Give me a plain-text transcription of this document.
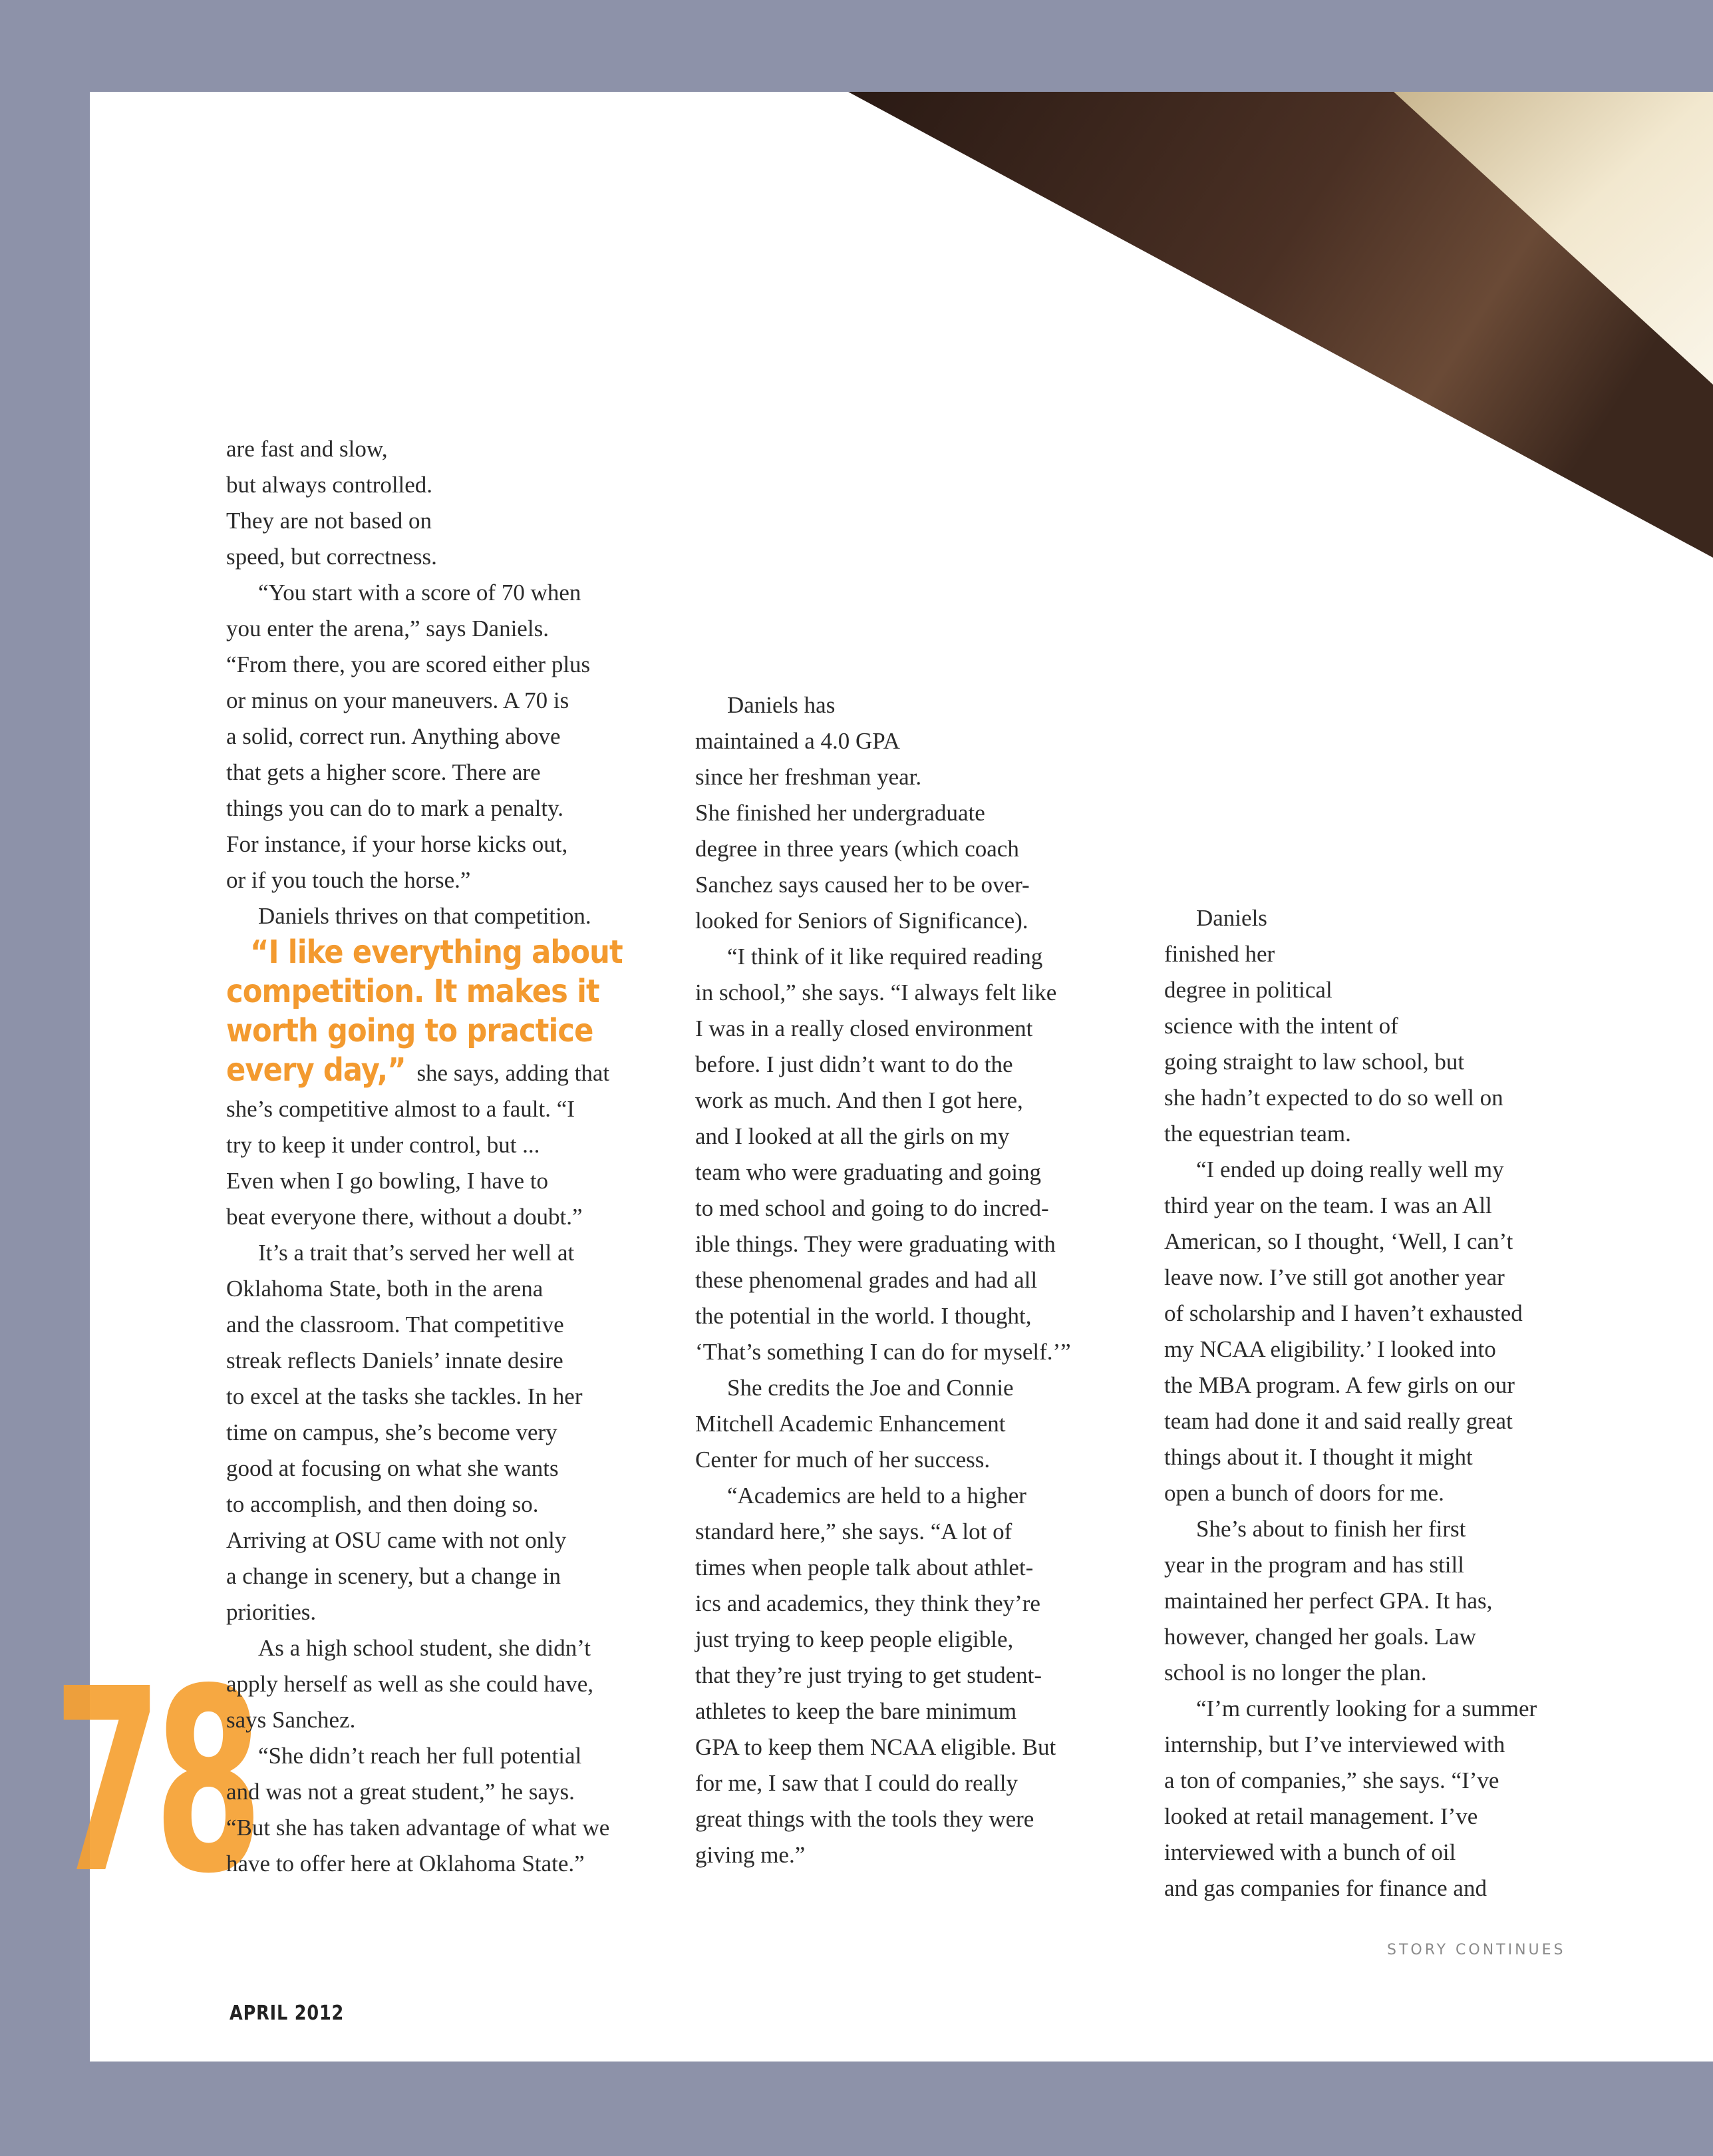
78

are fast and slow,
but always controlled.
They are not based on
speed, but correctness.

“You start with a score of 70 when
you enter the arena,” says Daniels.
“From there, you are scored either plus
or minus on your maneuvers. A 70 is
a solid, correct run. Anything above
that gets a higher score. There are
things you can do to mark a penalty.
For instance, if your horse kicks out,
or if you touch the horse.”

Daniels thrives on that competition.

“I like everything about
competition. It makes it
worth going to practice
every day,” she says, adding that
she’s competitive almost to a fault. “I
try to keep it under control, but ...
Even when I go bowling, I have to
beat everyone there, without a doubt.”

It’s a trait that’s served her well at
Oklahoma State, both in the arena
and the classroom. That competitive
streak reflects Daniels’ innate desire
to excel at the tasks she tackles. In her
time on campus, she’s become very
good at focusing on what she wants
to accomplish, and then doing so.
Arriving at OSU came with not only
a change in scenery, but a change in
priorities.

As a high school student, she didn’t
apply herself as well as she could have,
says Sanchez.

“She didn’t reach her full potential
and was not a great student,” he says.
“But she has taken advantage of what we
have to offer here at Oklahoma State.”

Daniels has
maintained a 4.0 GPA
since her freshman year.
She finished her undergraduate
degree in three years (which coach
Sanchez says caused her to be over-
looked for Seniors of Significance).

“I think of it like required reading
in school,” she says. “I always felt like
I was in a really closed environment
before. I just didn’t want to do the
work as much. And then I got here,
and I looked at all the girls on my
team who were graduating and going
to med school and going to do incred-
ible things. They were graduating with
these phenomenal grades and had all
the potential in the world. I thought,
‘That’s something I can do for myself.’”

She credits the Joe and Connie
Mitchell Academic Enhancement
Center for much of her success.

“Academics are held to a higher
standard here,” she says. “A lot of
times when people talk about athlet-
ics and academics, they think they’re
just trying to keep people eligible,
that they’re just trying to get student-
athletes to keep the bare minimum
GPA to keep them NCAA eligible. But
for me, I saw that I could do really
great things with the tools they were
giving me.”

Daniels
finished her
degree in political
science with the intent of
going straight to law school, but
she hadn’t expected to do so well on
the equestrian team.

“I ended up doing really well my
third year on the team. I was an All
American, so I thought, ‘Well, I can’t
leave now. I’ve still got another year
of scholarship and I haven’t exhausted
my NCAA eligibility.’ I looked into
the MBA program. A few girls on our
team had done it and said really great
things about it. I thought it might
open a bunch of doors for me.

She’s about to finish her first
year in the program and has still
maintained her perfect GPA. It has,
however, changed her goals. Law
school is no longer the plan.

“I’m currently looking for a summer
internship, but I’ve interviewed with
a ton of companies,” she says. “I’ve
looked at retail management. I’ve
interviewed with a bunch of oil
and gas companies for finance and

STORY CONTINUES
APRIL 2012
